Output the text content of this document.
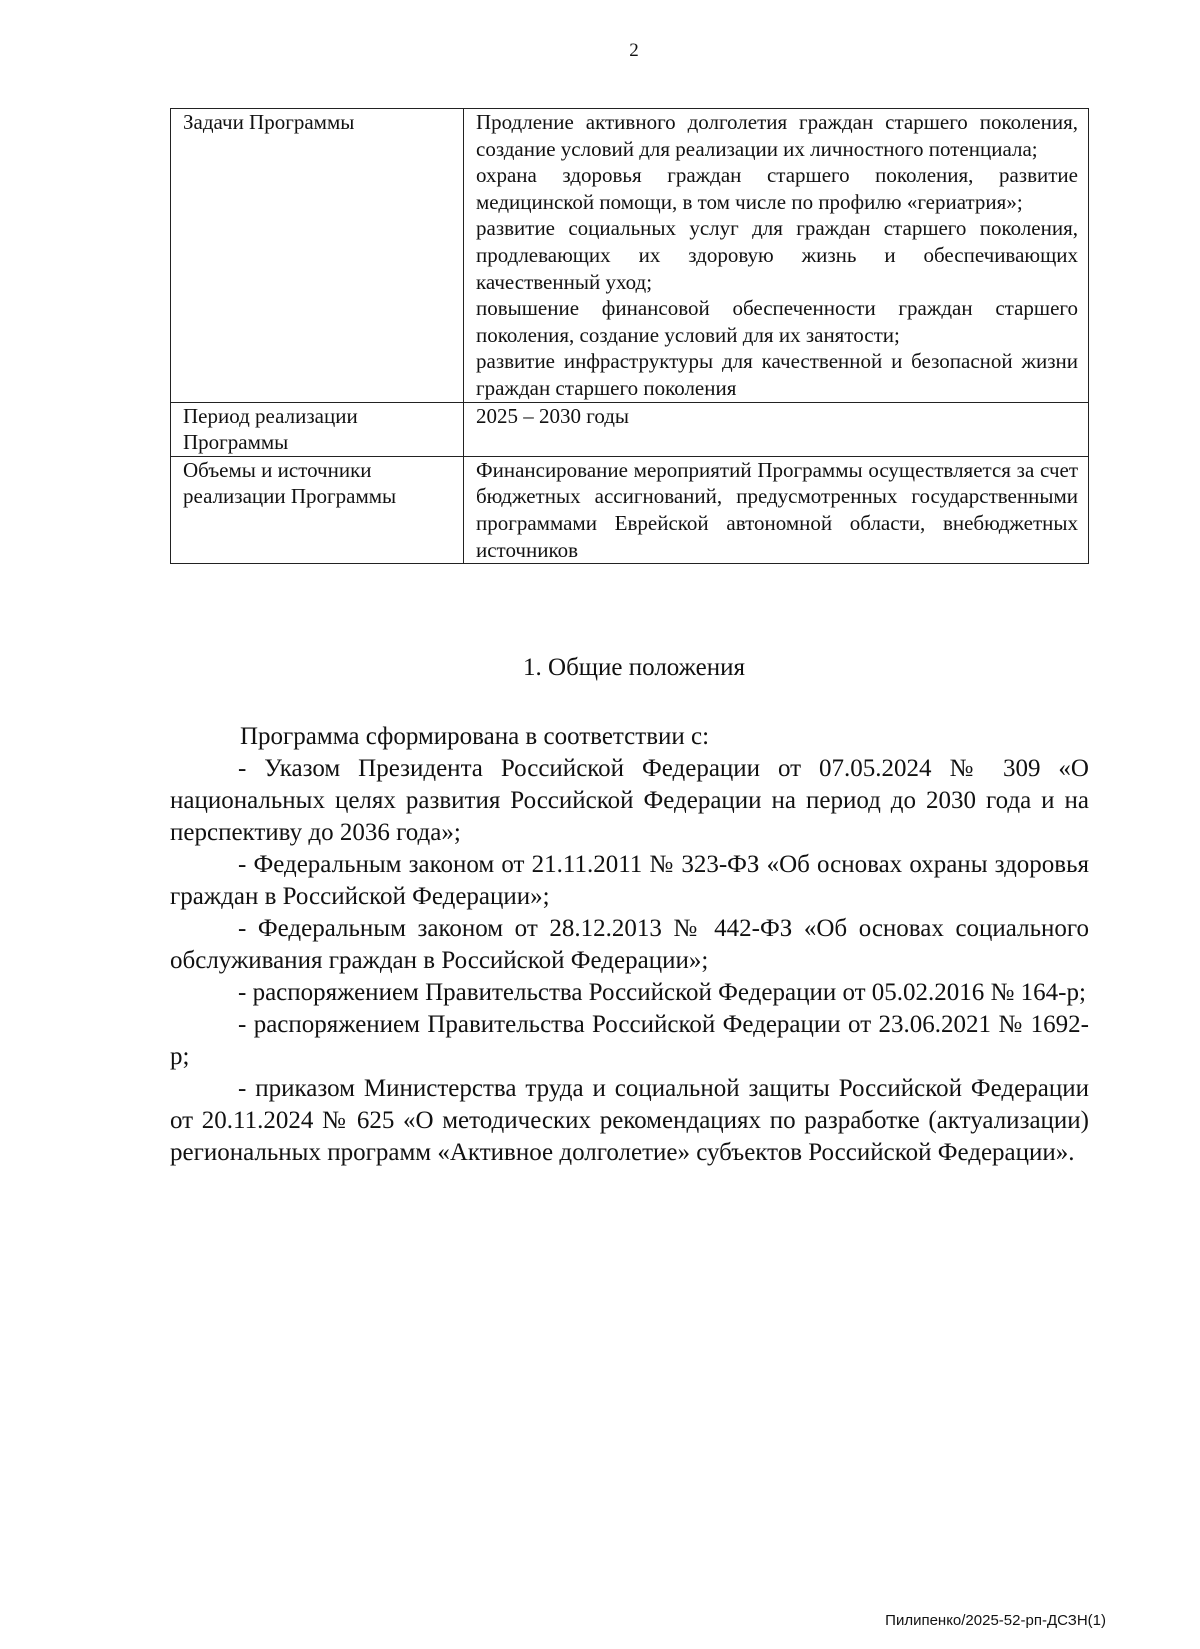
2
Задачи Программы	Продление активного долголетия граждан старшего поколения, создание условий для реализации их личностного потенциала;

охрана здоровья граждан старшего поколения, развитие медицинской помощи, в том числе по профилю «гериатрия»;

развитие социальных услуг для граждан старшего поколения, продлевающих их здоровую жизнь и обеспечивающих качественный уход;

повышение финансовой обеспеченности граждан старшего поколения, создание условий для их занятости;

развитие инфраструктуры для качественной и безопасной жизни граждан старшего поколения

Период реализации Программы	2025 – 2030 годы

Объемы и источники реализации Программы	Финансирование мероприятий Программы осуществляется за счет бюджетных ассигнований, предусмотренных государственными программами Еврейской автономной области, внебюджетных источников

1. Общие положения

Программа сформирована в соответствии с:

- Указом Президента Российской Федерации от 07.05.2024 № 309 «О национальных целях развития Российской Федерации на период до 2030 года и на перспективу до 2036 года»;

- Федеральным законом от 21.11.2011 № 323-ФЗ «Об основах охраны здоровья граждан в Российской Федерации»;

- Федеральным законом от 28.12.2013 № 442-ФЗ «Об основах социального обслуживания граждан в Российской Федерации»;

- распоряжением Правительства Российской Федерации от 05.02.2016 № 164-р;

- распоряжением Правительства Российской Федерации от 23.06.2021 № 1692-р;

- приказом Министерства труда и социальной защиты Российской Федерации от 20.11.2024 № 625 «О методических рекомендациях по разработке (актуализации) региональных программ «Активное долголетие» субъектов Российской Федерации».

Пилипенко/2025-52-рп-ДСЗН(1)
